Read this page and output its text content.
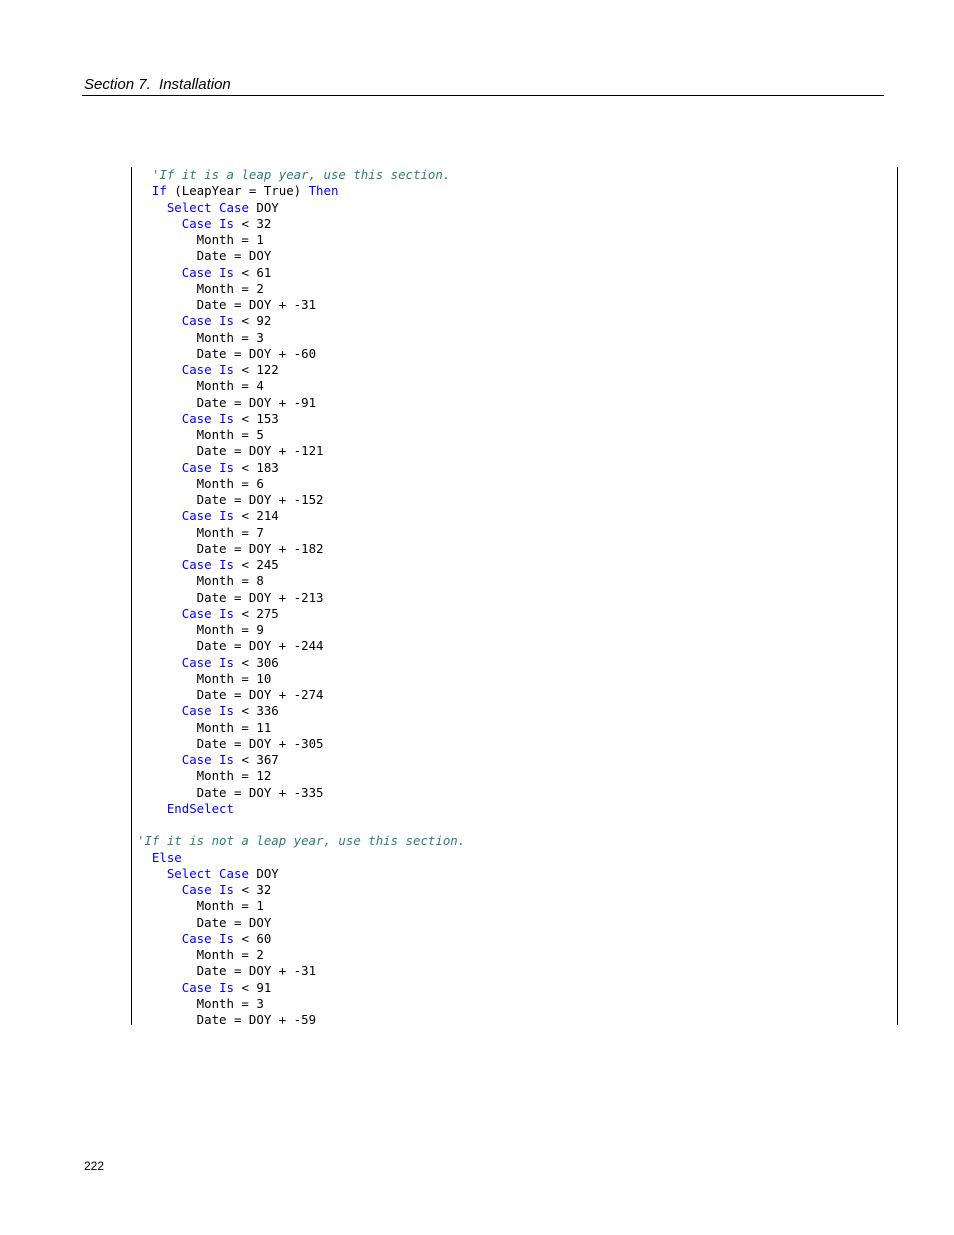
Section 7.  Installation
'If it is a leap year, use this section.
If (LeapYear = True) Then
Select Case DOY
Case Is < 32
Month = 1
Date = DOY
Case Is < 61
Month = 2
Date = DOY + -31
Case Is < 92
Month = 3
Date = DOY + -60
Case Is < 122
Month = 4
Date = DOY + -91
Case Is < 153
Month = 5
Date = DOY + -121
Case Is < 183
Month = 6
Date = DOY + -152
Case Is < 214
Month = 7
Date = DOY + -182
Case Is < 245
Month = 8
Date = DOY + -213
Case Is < 275
Month = 9
Date = DOY + -244
Case Is < 306
Month = 10
Date = DOY + -274
Case Is < 336
Month = 11
Date = DOY + -305
Case Is < 367
Month = 12
Date = DOY + -335
EndSelect
'If it is not a leap year, use this section.
Else
Select Case DOY
Case Is < 32
Month = 1
Date = DOY
Case Is < 60
Month = 2
Date = DOY + -31
Case Is < 91
Month = 3
Date = DOY + -59
222
